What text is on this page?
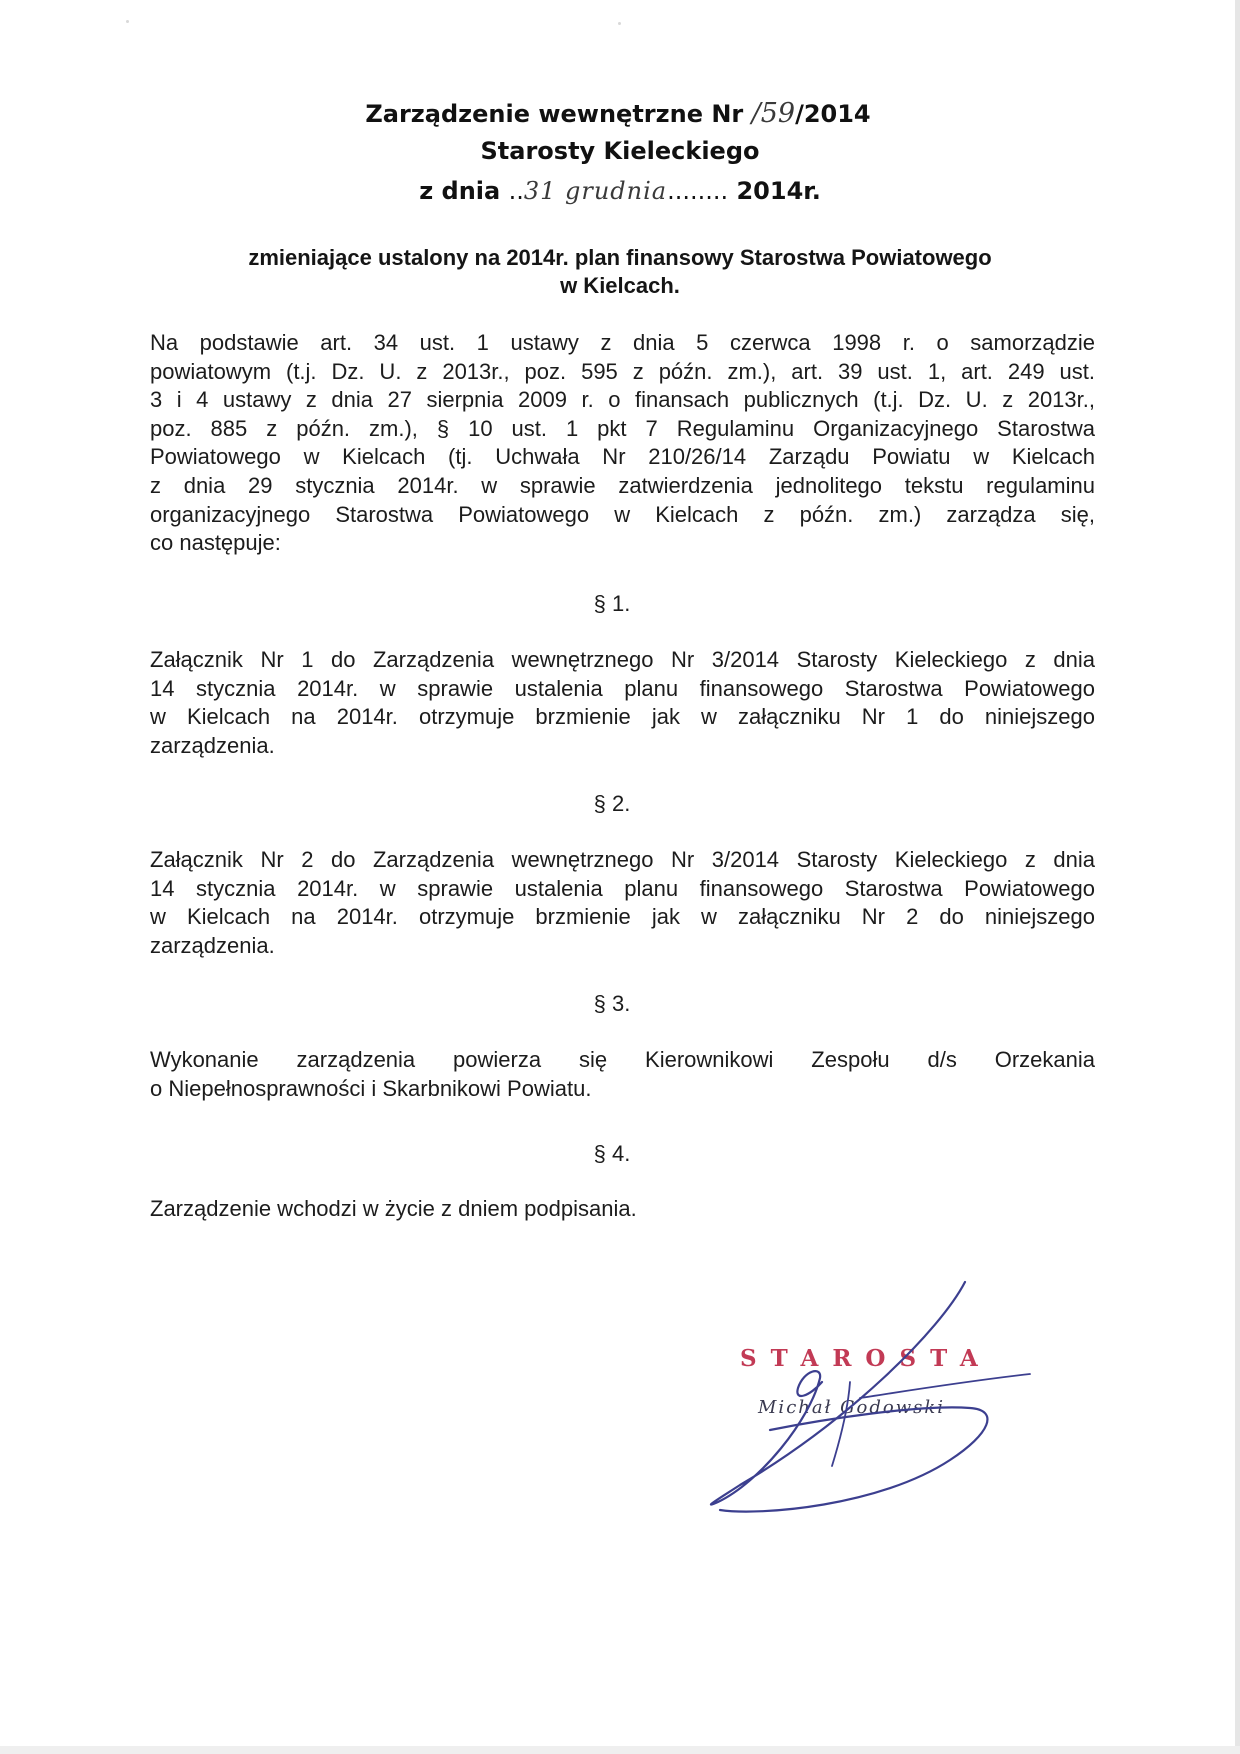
Zarządzenie wewnętrzne Nr /59/2014
Starosty Kieleckiego
z dnia ..31 grudnia........ 2014r.
zmieniające ustalony na 2014r. plan finansowy Starostwa Powiatowego
w Kielcach.
Na podstawie art. 34 ust. 1 ustawy z dnia 5 czerwca 1998 r. o samorządzie
powiatowym (t.j. Dz. U. z 2013r., poz. 595 z późn. zm.), art. 39 ust. 1, art. 249 ust.
3 i 4 ustawy z dnia 27 sierpnia 2009 r. o finansach publicznych (t.j. Dz. U. z 2013r.,
poz. 885 z późn. zm.), § 10 ust. 1 pkt 7 Regulaminu Organizacyjnego Starostwa
Powiatowego w Kielcach (tj. Uchwała Nr 210/26/14 Zarządu Powiatu w Kielcach
z dnia 29 stycznia 2014r. w sprawie zatwierdzenia jednolitego tekstu regulaminu
organizacyjnego Starostwa Powiatowego w Kielcach z późn. zm.) zarządza się,
co następuje:
§ 1.
Załącznik Nr 1 do Zarządzenia wewnętrznego Nr 3/2014 Starosty Kieleckiego z dnia
14 stycznia 2014r. w sprawie ustalenia planu finansowego Starostwa Powiatowego
w Kielcach na 2014r. otrzymuje brzmienie jak w załączniku Nr 1 do niniejszego
zarządzenia.
§ 2.
Załącznik Nr 2 do Zarządzenia wewnętrznego Nr 3/2014 Starosty Kieleckiego z dnia
14 stycznia 2014r. w sprawie ustalenia planu finansowego Starostwa Powiatowego
w Kielcach na 2014r. otrzymuje brzmienie jak w załączniku Nr 2 do niniejszego
zarządzenia.
§ 3.
Wykonanie zarządzenia powierza się Kierownikowi Zespołu d/s Orzekania
o Niepełnosprawności i Skarbnikowi Powiatu.
§ 4.
Zarządzenie wchodzi w życie z dniem podpisania.
STAROSTA
Michał Godowski
